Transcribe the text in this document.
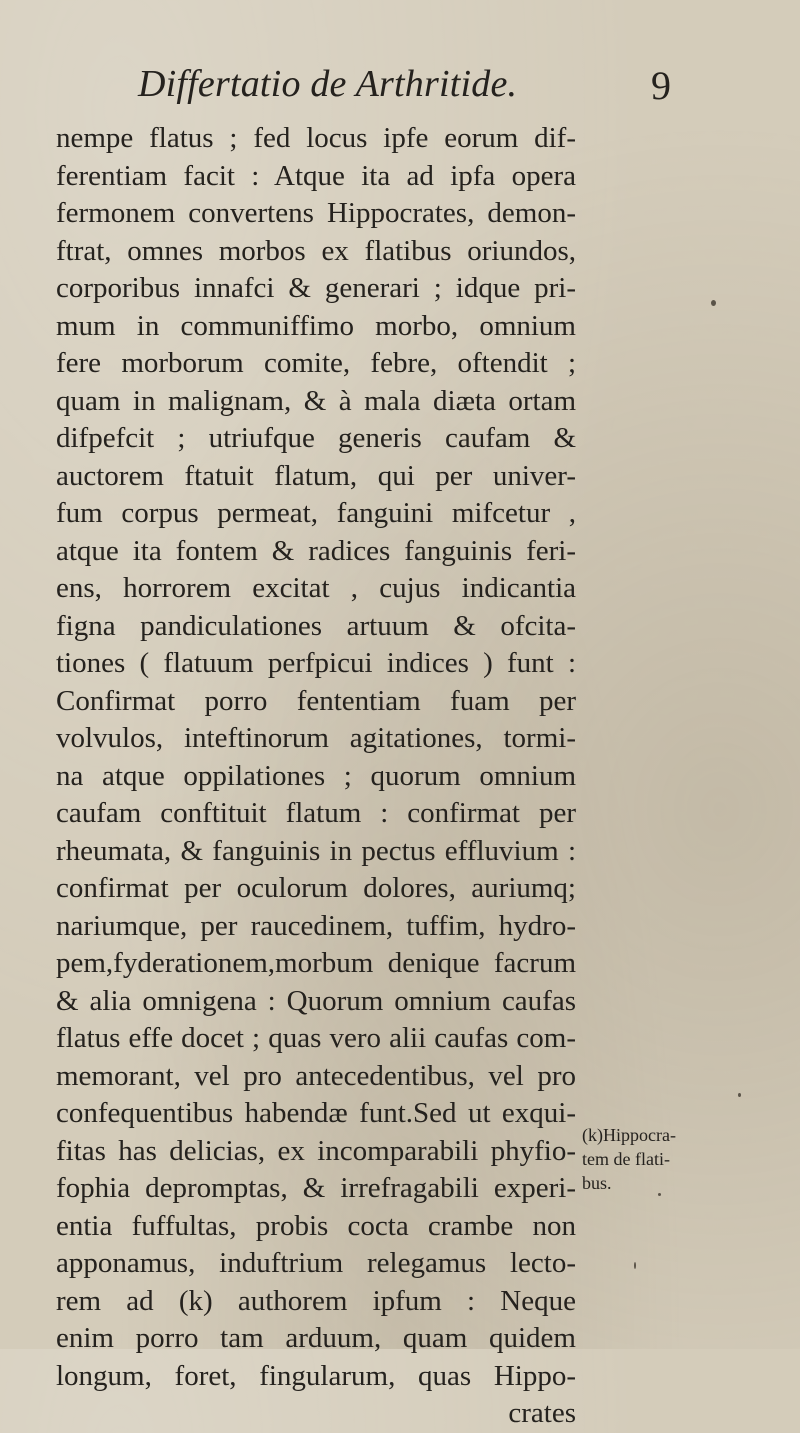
Differtatio de Arthritide.	9
nempe flatus ; fed locus ipfe eorum dif-
ferentiam facit : Atque ita ad ipfa opera
fermonem convertens Hippocrates, demon-
ftrat, omnes morbos ex flatibus oriundos,
corporibus innafci & generari ; idque pri-
mum in communiffimo morbo, omnium
fere morborum comite, febre, oftendit ;
quam in malignam, & à mala diæta ortam
difpefcit ; utriufque generis caufam &
auctorem ftatuit flatum, qui per univer-
fum corpus permeat, fanguini mifcetur ,
atque ita fontem & radices fanguinis feri-
ens, horrorem excitat , cujus indicantia
figna pandiculationes artuum & ofcita-
tiones ( flatuum perfpicui indices ) funt :
Confirmat porro fententiam fuam per
volvulos, inteftinorum agitationes, tormi-
na atque oppilationes ; quorum omnium
caufam conftituit flatum : confirmat per
rheumata, & fanguinis in pectus effluvium :
confirmat per oculorum dolores, auriumq;
nariumque, per raucedinem, tuffim, hydro-
pem,fyderationem,morbum denique facrum
& alia omnigena : Quorum omnium caufas
flatus effe docet ; quas vero alii caufas com-
memorant, vel pro antecedentibus, vel pro
confequentibus habendæ funt.Sed ut exqui-
fitas has delicias, ex incomparabili phyfio-
fophia depromptas, & irrefragabili experi-
entia fuffultas, probis cocta crambe non
apponamus, induftrium relegamus lecto-
rem ad (k) authorem ipfum : Neque
enim porro tam arduum, quam quidem
longum, foret, fingularum, quas Hippo-
crates
(k)Hippocra-
tem de flati-
bus.
